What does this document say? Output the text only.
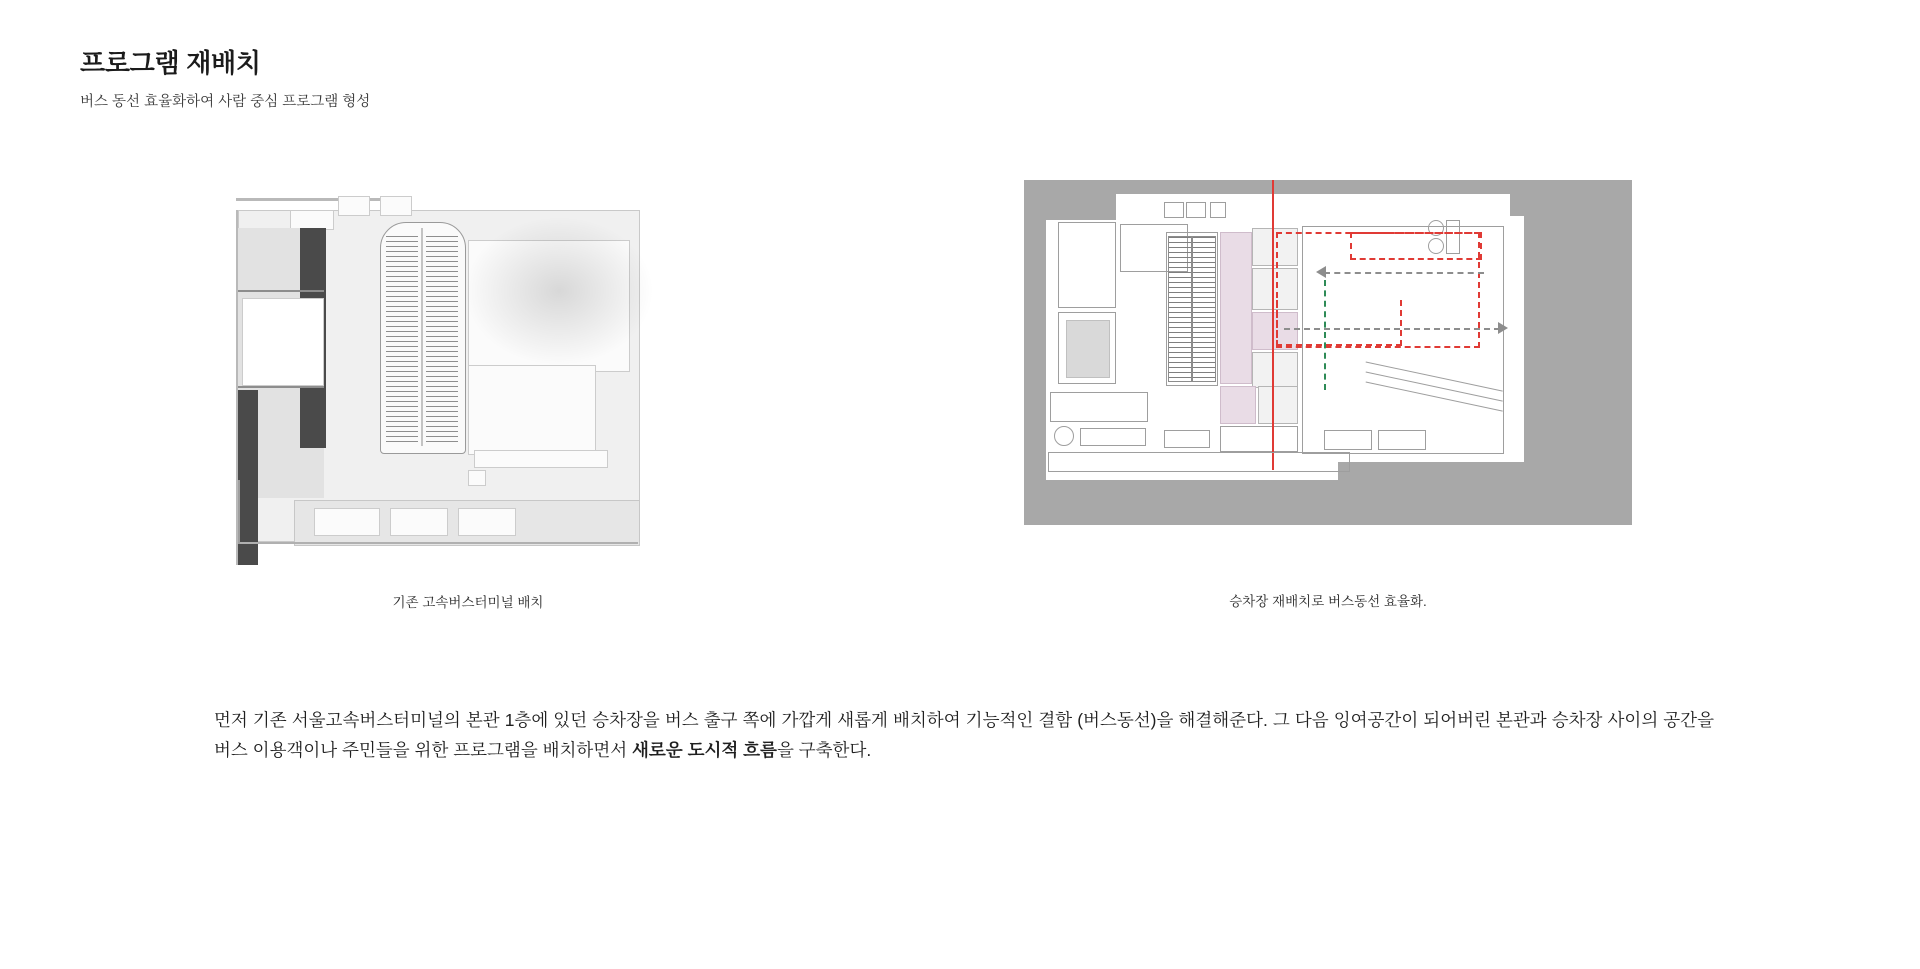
프로그램 재배치

버스 동선 효율화하여 사람 중심 프로그램 형성

기존 고속버스터미널 배치	승차장 재배치로 버스동선 효율화.
먼저 기존 서울고속버스터미널의 본관 1층에 있던 승차장을 버스 출구 쪽에 가깝게 새롭게 배치하여 기능적인 결함 (버스동선)을 해결해준다. 그 다음 잉여공간이 되어버린 본관과 승차장 사이의 공간을 버스 이용객이나 주민들을 위한 프로그램을 배치하면서 새로운 도시적 흐름을 구축한다.
